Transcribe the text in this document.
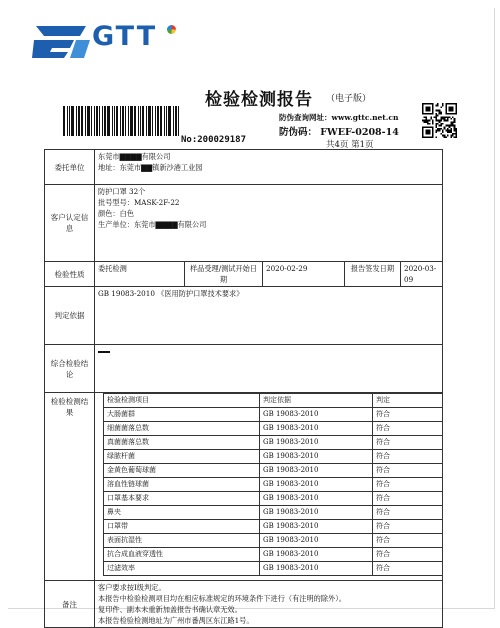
GTT
检验检测报告 （电子版）
No:200029187
防伪查询网址：www.gttc.net.cn
防伪码： FWEF-0208-14
共4页 第1页
委托单位	
东莞市▇▇▇▇有限公司
地址：东莞市▇▇镇新沙港工业园

客户认定信息	
防护口罩 32个
批号型号：MASK-2F-22
颜色：白色
生产单位：东莞市▇▇▇▇有限公司

检验性质	委托检测	样品受理/测试开始日期	2020-02-29	报告签发日期	2020-03-09
判定依据	GB 19083-2010 《医用防护口罩技术要求》
综合检验结论	
检验检测结果	
检验检测项目	判定依据	判定
大肠菌群	GB 19083-2010	符合
细菌菌落总数	GB 19083-2010	符合
真菌菌落总数	GB 19083-2010	符合
绿脓杆菌	GB 19083-2010	符合
金黄色葡萄球菌	GB 19083-2010	符合
溶血性链球菌	GB 19083-2010	符合
口罩基本要求	GB 19083-2010	符合
鼻夹	GB 19083-2010	符合
口罩带	GB 19083-2010	符合
表面抗湿性	GB 19083-2010	符合
抗合成血液穿透性	GB 19083-2010	符合
过滤效率	GB 19083-2010	符合

备注	
客户要求按Ⅰ级判定。
本报告中检验检测项目均在相应标准规定的环境条件下进行（有注明的除外）。
复印件、副本未重新加盖报告书确认章无效。
本报告检验检测地址为广州市番禺区东江路1号。
